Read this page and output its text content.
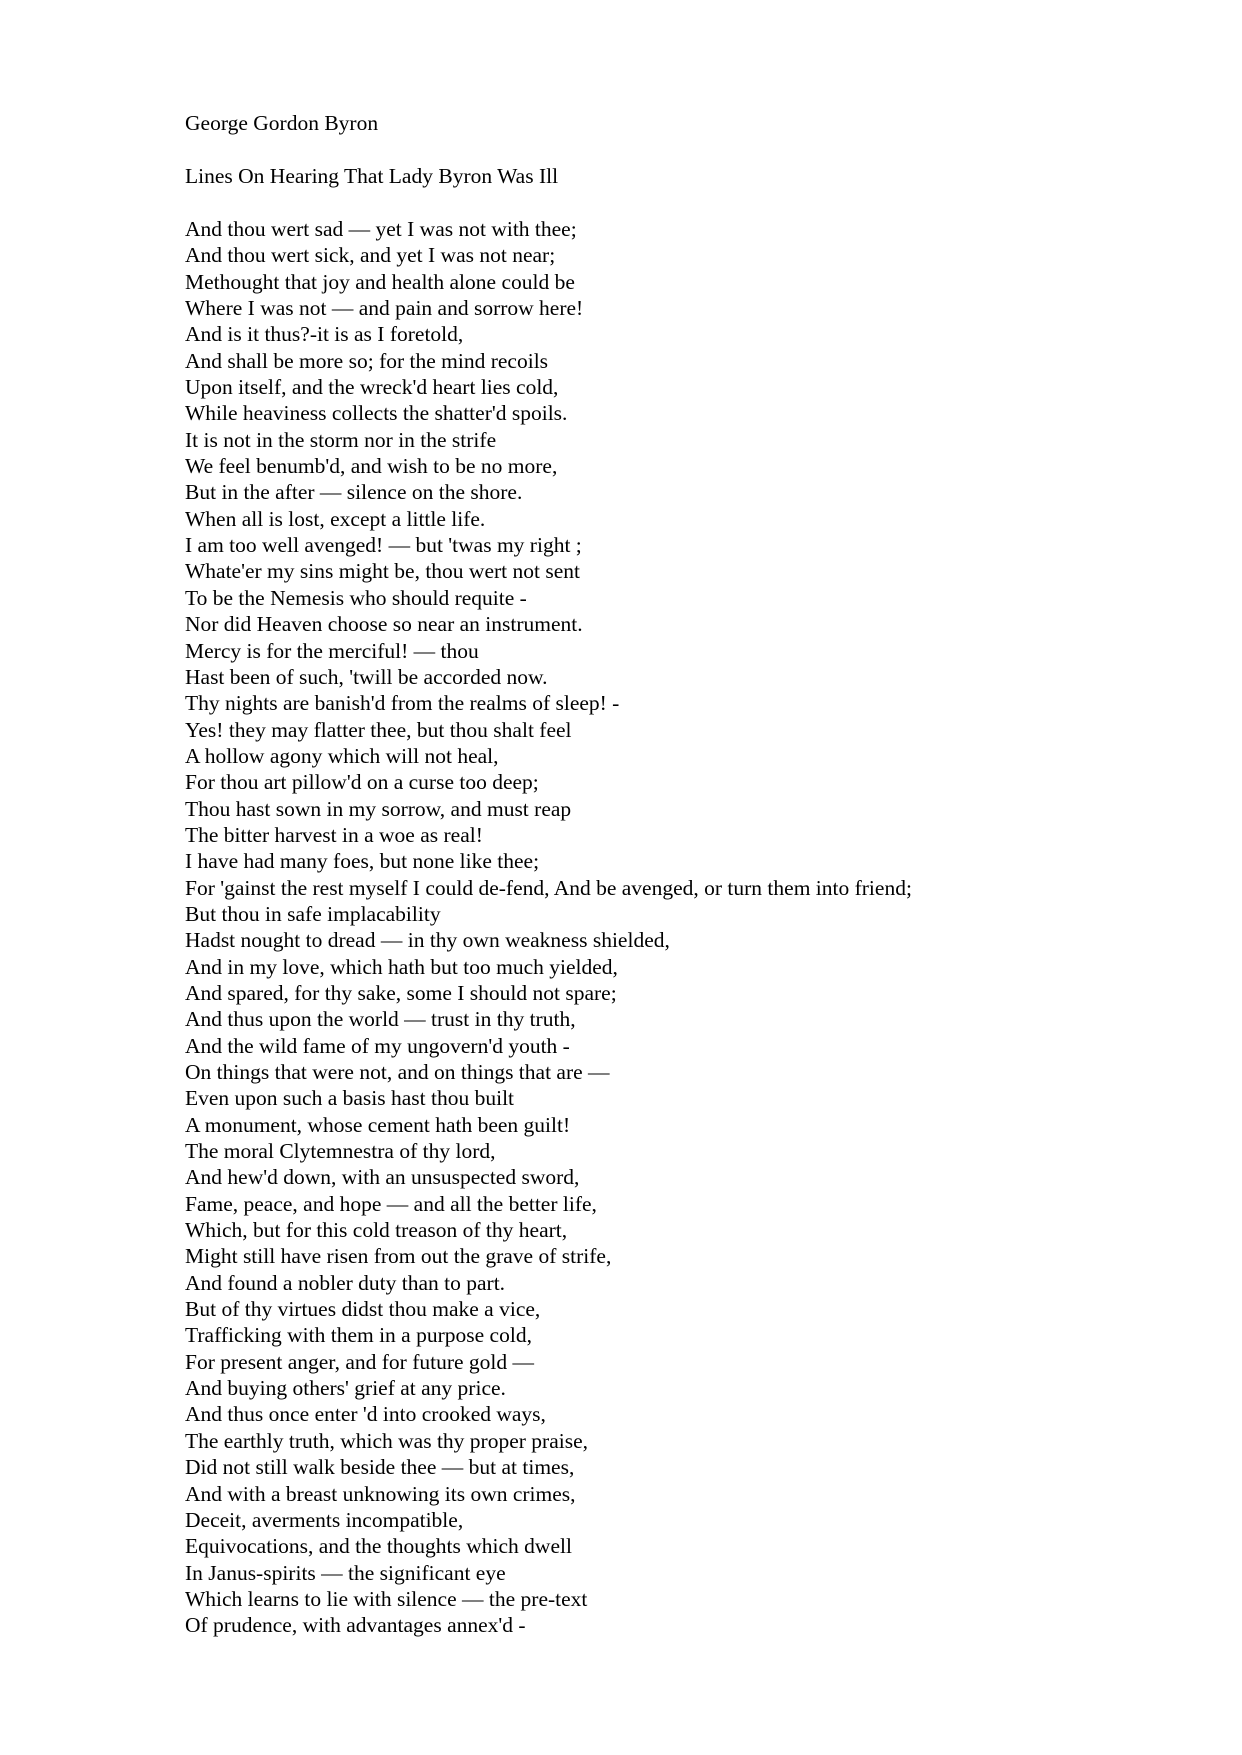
George Gordon Byron
Lines On Hearing That Lady Byron Was Ill
And thou wert sad — yet I was not with thee;
And thou wert sick, and yet I was not near;
Methought that joy and health alone could be
Where I was not — and pain and sorrow here!
And is it thus?-it is as I foretold,
And shall be more so; for the mind recoils
Upon itself, and the wreck'd heart lies cold,
While heaviness collects the shatter'd spoils.
It is not in the storm nor in the strife
We feel benumb'd, and wish to be no more,
But in the after — silence on the shore.
When all is lost, except a little life.
I am too well avenged! — but 'twas my right ;
Whate'er my sins might be, thou wert not sent
To be the Nemesis who should requite -
Nor did Heaven choose so near an instrument.
Mercy is for the merciful! — thou
Hast been of such, 'twill be accorded now.
Thy nights are banish'd from the realms of sleep! -
Yes! they may flatter thee, but thou shalt feel
A hollow agony which will not heal,
For thou art pillow'd on a curse too deep;
Thou hast sown in my sorrow, and must reap
The bitter harvest in a woe as real!
I have had many foes, but none like thee;
For 'gainst the rest myself I could de-fend, And be avenged, or turn them into friend;
But thou in safe implacability
Hadst nought to dread — in thy own weakness shielded,
And in my love, which hath but too much yielded,
And spared, for thy sake, some I should not spare;
And thus upon the world — trust in thy truth,
And the wild fame of my ungovern'd youth -
On things that were not, and on things that are —
Even upon such a basis hast thou built
A monument, whose cement hath been guilt!
The moral Clytemnestra of thy lord,
And hew'd down, with an unsuspected sword,
Fame, peace, and hope — and all the better life,
Which, but for this cold treason of thy heart,
Might still have risen from out the grave of strife,
And found a nobler duty than to part.
But of thy virtues didst thou make a vice,
Trafficking with them in a purpose cold,
For present anger, and for future gold —
And buying others' grief at any price.
And thus once enter 'd into crooked ways,
The earthly truth, which was thy proper praise,
Did not still walk beside thee — but at times,
And with a breast unknowing its own crimes,
Deceit, averments incompatible,
Equivocations, and the thoughts which dwell
In Janus-spirits — the significant eye
Which learns to lie with silence — the pre-text
Of prudence, with advantages annex'd -
